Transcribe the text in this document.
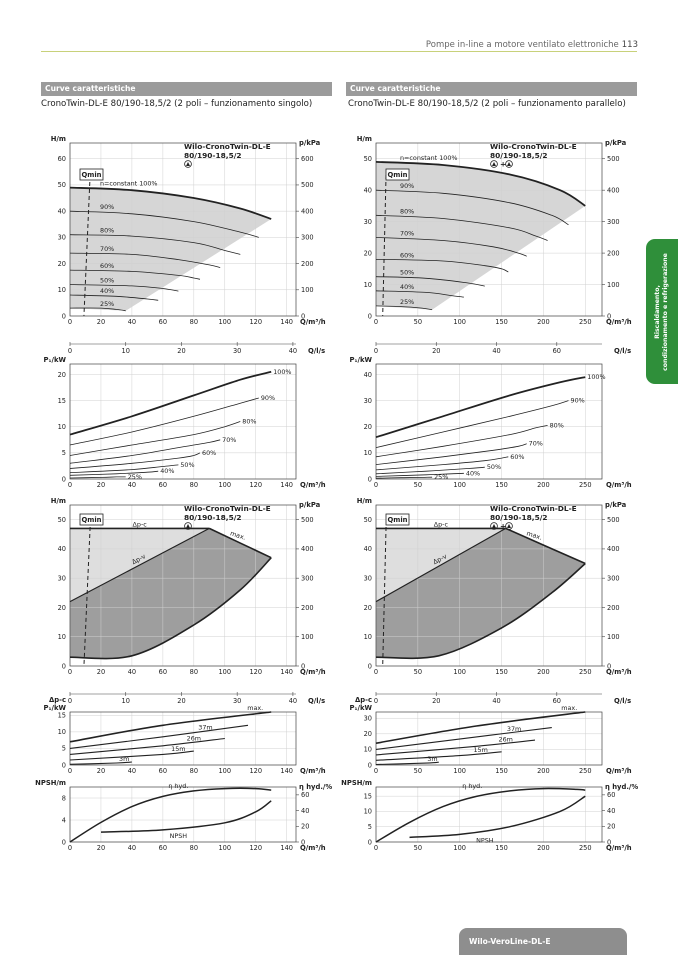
Pompe in-line a motore ventilato elettroniche 113
Curve caratteristiche
CronoTwin-DL-E 80/190-18,5/2 (2 poli – funzionamento singolo)
Curve caratteristiche
CronoTwin-DL-E 80/190-18,5/2 (2 poli – funzionamento parallelo)
Riscaldamento, condizionamento e refrigerazione
Wilo-VeroLine-DL-E
0
10
20
30
40
50
60
0	20	40	60	80	100	120	140 Q/m³/h
H/m
0
100
200
300
400
500
600
p/kPa
n=constant 100%
90%
80%
70%
60%
50%
40%
25%
Qmin
Wilo-CronoTwin-DL-E
80/190-18,5/2
0	10	20	30	40 Q/l/s
0
5
10
15
20
0	20	40	60	80	100	120	140 Q/m³/h
P₁/kW
100%
90%
80%
70%
60%
50%
40%
25%
0
10
20
30
40
50
0	20	40	60	80	100	120	140 Q/m³/h
H/m
0
100
200
300
400
500
p/kPa
Δp-c
Δp-v
max.
Qmin
Wilo-CronoTwin-DL-E
80/190-18,5/2
0	10	20	30	40 Q/l/s
0
5
10
15
0	20	40	60	80	100	120	140 Q/m³/h
Δp-c
P₁/kW	max.
37m
26m
15m
3m
0
4
8
0	20	40	60	80	100	120	140 Q/m³/h
NPSH/m
0
20
40
60
η hyd./%
η hyd.
NPSH
0
10
20
30
40
50
0	50	100	150	200	250 Q/m³/h
H/m
0
100
200
300
400
500
p/kPa
n=constant 100%
90%
80%
70%
60%
50%
40%
25%
Qmin
Wilo-CronoTwin-DL-E
80/190-18,5/2
+
0	20	40	60	Q/l/s
0
10
20
30
40
0	50	100	150	200	250 Q/m³/h
P₁/kW
100%
90%
80%
70%
60%
50%
40%
25%
0
10
20
30
40
50
0	50	100	150	200	250 Q/m³/h
H/m
0
100
200
300
400
500
p/kPa
Δp-c
Δp-v
max.
Qmin
Wilo-CronoTwin-DL-E
80/190-18,5/2
+
0	20	40	60	Q/l/s
0
10
20
30
0	50	100	150	200	250 Q/m³/h
Δp-c
P₁/kW	max.
37m
26m
15m
3m
0
5
10
15
0	50	100	150	200	250 Q/m³/h
NPSH/m
0
20
40
60
η hyd./%
η hyd.
NPSH
